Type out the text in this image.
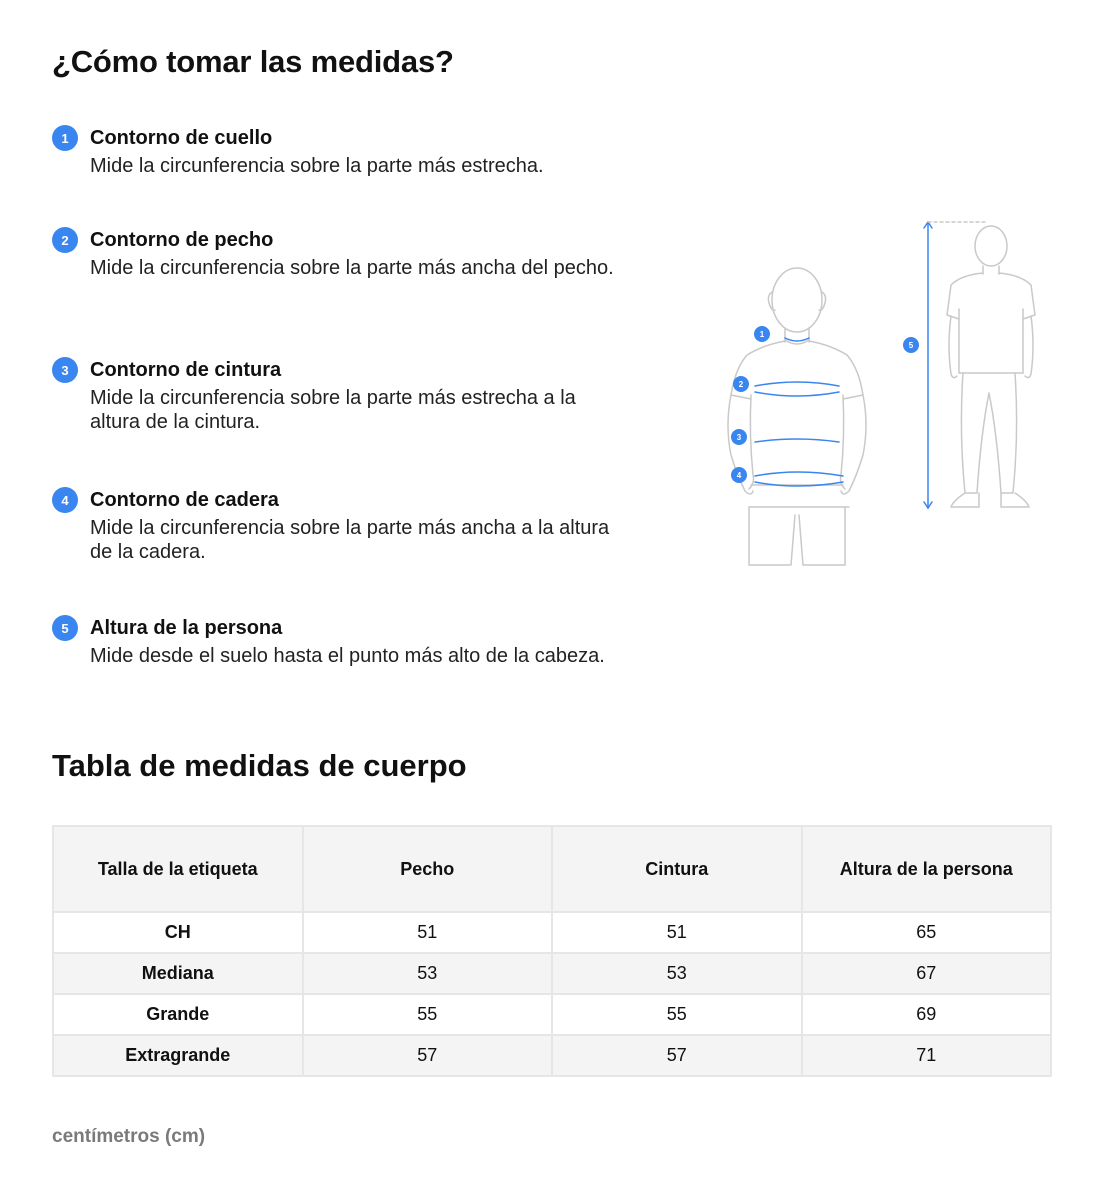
¿Cómo tomar las medidas?
1	Contorno de cuello
Mide la circunferencia sobre la parte más estrecha.
2	Contorno de pecho
Mide la circunferencia sobre la parte más ancha del pecho.
3	Contorno de cintura
Mide la circunferencia sobre la parte más estrecha a la altura de la cintura.
4	Contorno de cadera
Mide la circunferencia sobre la parte más ancha a la altura de la cadera.
5	Altura de la persona
Mide desde el suelo hasta el punto más alto de la cabeza.
1
2
3
4
5
Tabla de medidas de cuerpo
Talla de la etiqueta	Pecho	Cintura	Altura de la persona
CH	51	51	65
Mediana	53	53	67
Grande	55	55	69
Extragrande	57	57	71
centímetros (cm)
